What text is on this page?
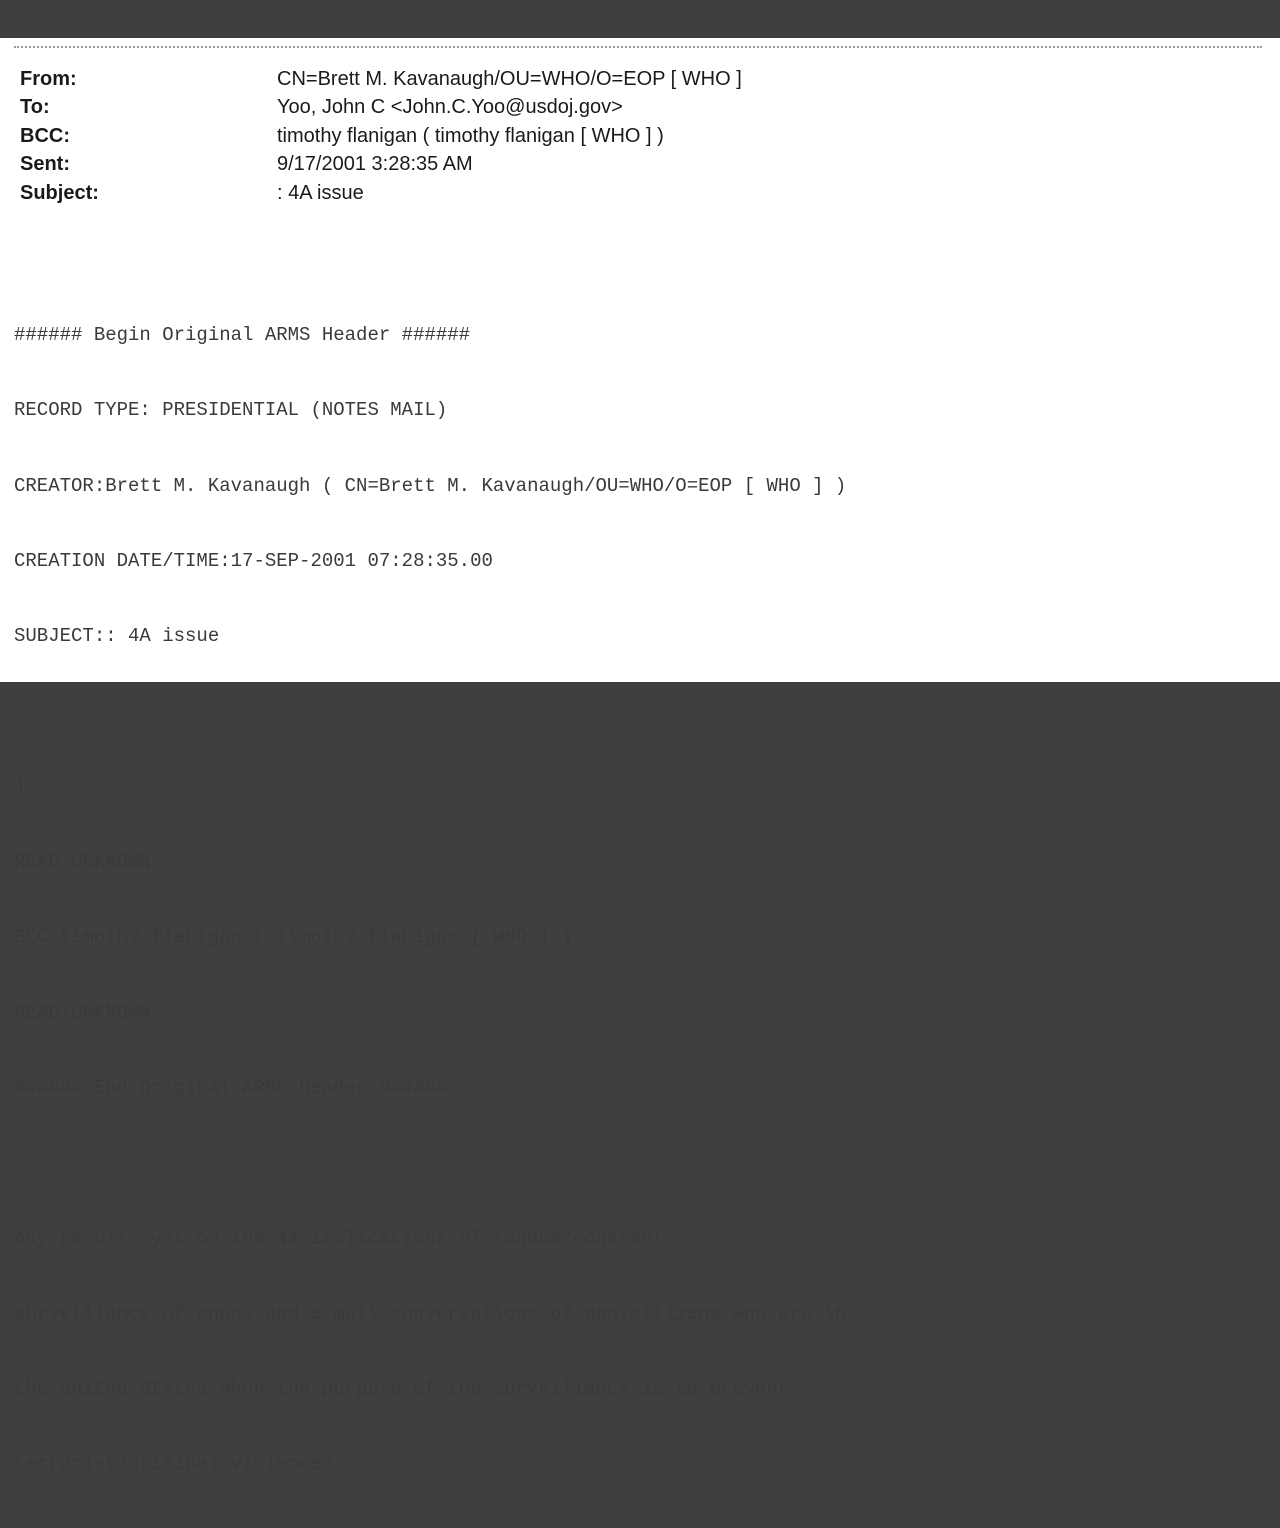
From:	CN=Brett M. Kavanaugh/OU=WHO/O=EOP [ WHO ]
To:	Yoo, John C <John.C.Yoo@usdoj.gov>
BCC:	timothy flanigan ( timothy flanigan [ WHO ] )
Sent:	9/17/2001 3:28:35 AM
Subject:	: 4A issue

###### Begin Original ARMS Header ######

RECORD TYPE: PRESIDENTIAL (NOTES MAIL)

CREATOR:Brett M. Kavanaugh ( CN=Brett M. Kavanaugh/OU=WHO/O=EOP [ WHO ] )

CREATION DATE/TIME:17-SEP-2001 07:28:35.00

SUBJECT:: 4A issue

)

READ:UNKNOWN

BCC:timothy flanigan ( timothy flanigan [ WHO ] )

READ:UNKNOWN

###### End Original ARMS Header ######

Any results yet on the 4A implications of random/constant

surveillance of phone and e-mail conversations of non-citizens who are in

the United States when the purpose of the surveillance is to prevent

terrorist/criminal violence?
